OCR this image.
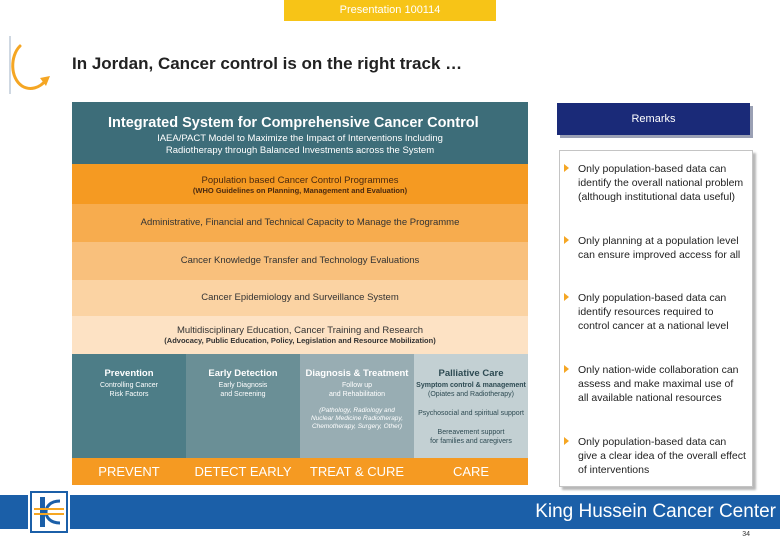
Presentation 100114
In Jordan, Cancer control is on the right track …
Integrated System for Comprehensive Cancer Control
IAEA/PACT Model to Maximize the Impact of Interventions Including
Radiotherapy through Balanced Investments across the System
Population based Cancer Control Programmes
(WHO Guidelines on Planning, Management and Evaluation)
Administrative, Financial and Technical Capacity to Manage the Programme
Cancer Knowledge Transfer and Technology Evaluations
Cancer Epidemiology and Surveillance System
Multidisciplinary Education, Cancer Training and Research
(Advocacy, Public Education, Policy, Legislation and Resource Mobilization)
Prevention
Controlling Cancer
Risk Factors
Early Detection
Early Diagnosis
and Screening
Diagnosis & Treatment
Follow up
and Rehabilitation
(Pathology, Radiology and
Nuclear Medicine Radiotherapy,
Chemotherapy, Surgery, Other)
Palliative Care
Symptom control & management
(Opiates and Radiotherapy)
Psychosocial and spiritual support
Bereavement support
for families and caregivers
PREVENT	DETECT EARLY	TREAT & CURE	CARE
Remarks
Only population-based data can identify the overall national problem (although institutional data useful)
Only planning at a population level can ensure improved access for all
Only population-based data can identify resources required to control cancer at a national level
Only nation-wide collaboration can assess and make maximal use of all available national resources
Only population-based data can give a clear idea of the overall effect of interventions
King Hussein Cancer Center
34
